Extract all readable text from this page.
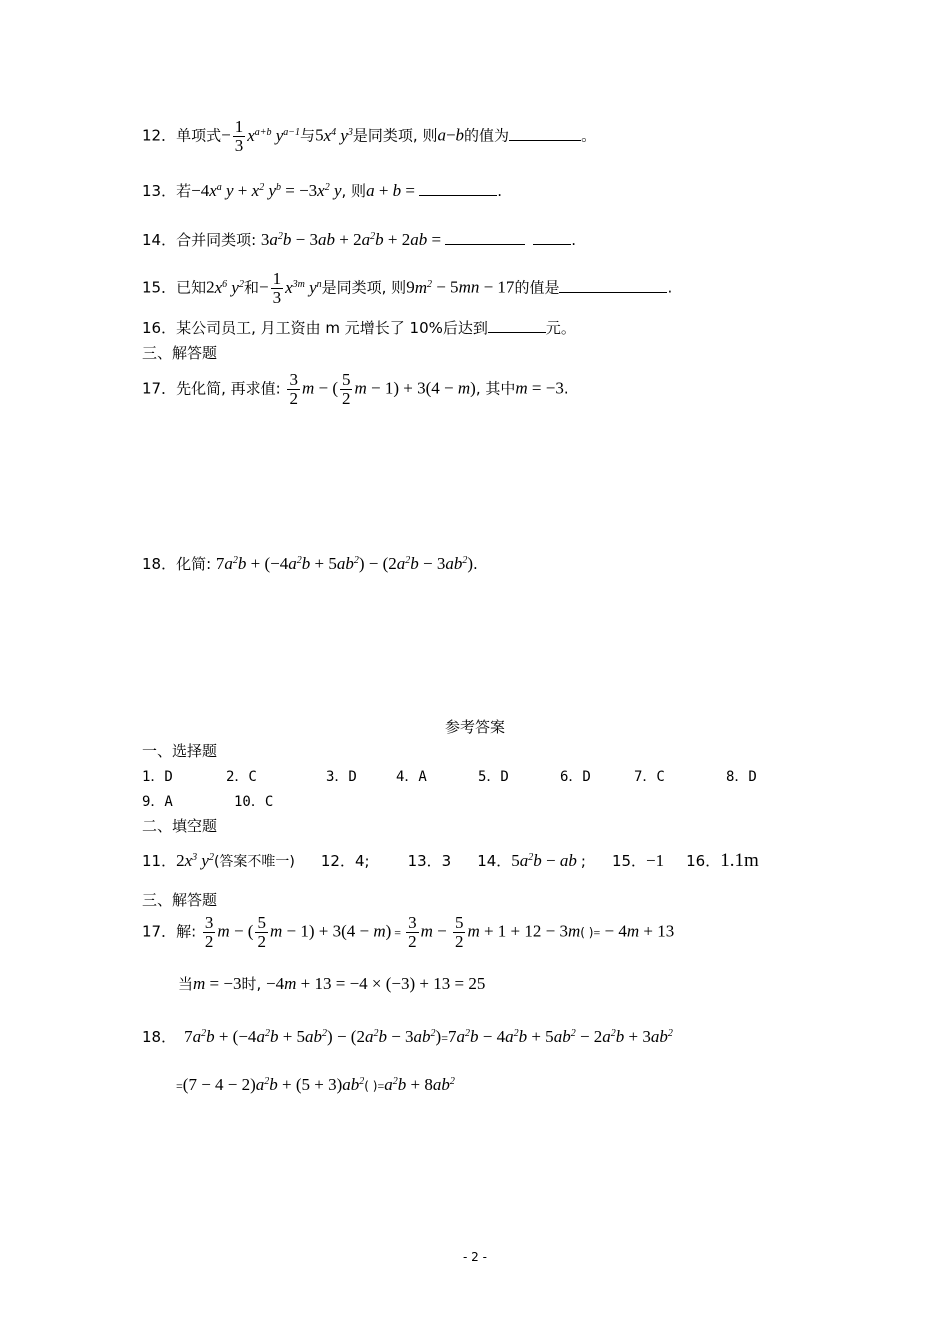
12．单项式− $\frac{1}{3} x^{a+b}$ $y^{a-1}$与$5x^4$ $y^3$是同类项, 则a−b的值为	。
13．若$-4x^a$ $y + x^2$ $y^b = -3x^2$ y, 则a + b =	.
14．合并同类项: $3a^2b - 3ab + 2a^2b + 2ab$ =	.
15．已知$2x^6$ $y^2$和− $\frac{1}{3} x^{3m}$ $y^n$是同类项, 则$9m^2 - 5mn - 17$的值是	.
16．某公司员工, 月工资由 m 元增长了 10%后达到	元。
三、解答题
17．先化简, 再求值: $\frac{3}{2}$ m − ( $\frac{5}{2}$ m − 1) + 3(4 − m), 其中m = −3.
18．化简: $7a^2b + (-4a^2b + 5ab^2) - (2a^2b - 3ab^2)$.
参考答案
一、选择题
1．D	2．C	3．D	4．A	5．D	6．D	7．C	8．D
9．A	10．C
二、填空题
11．$2x^3$ $y^2$(答案不唯一) 12．4;	13．3 14．$5a^2b$ − ab ; 15．−1 16．1.1m
三、解答题
17．解: $\frac{3}{2}$ m − ( $\frac{5}{2}$ $m - 1) + 3(4 - m) = \frac{3}{2}$ $m - \frac{5}{2}$ m + 1 + 12 − 3m( )= − 4m + 13
当m = −3时, −4m + 13 = −4 × (−3) + 13 = 25
18． $7a^2b + (-4a^2b + 5ab^2) - (2a^2b - 3ab^2)=7a^2b - 4a^2b + 5ab^2 - 2a^2b + 3ab^2$
$=(7 - 4 - 2)a^2b + (5 + 3)ab^2$( )$=a^2b + 8ab^2$
- 2 -
